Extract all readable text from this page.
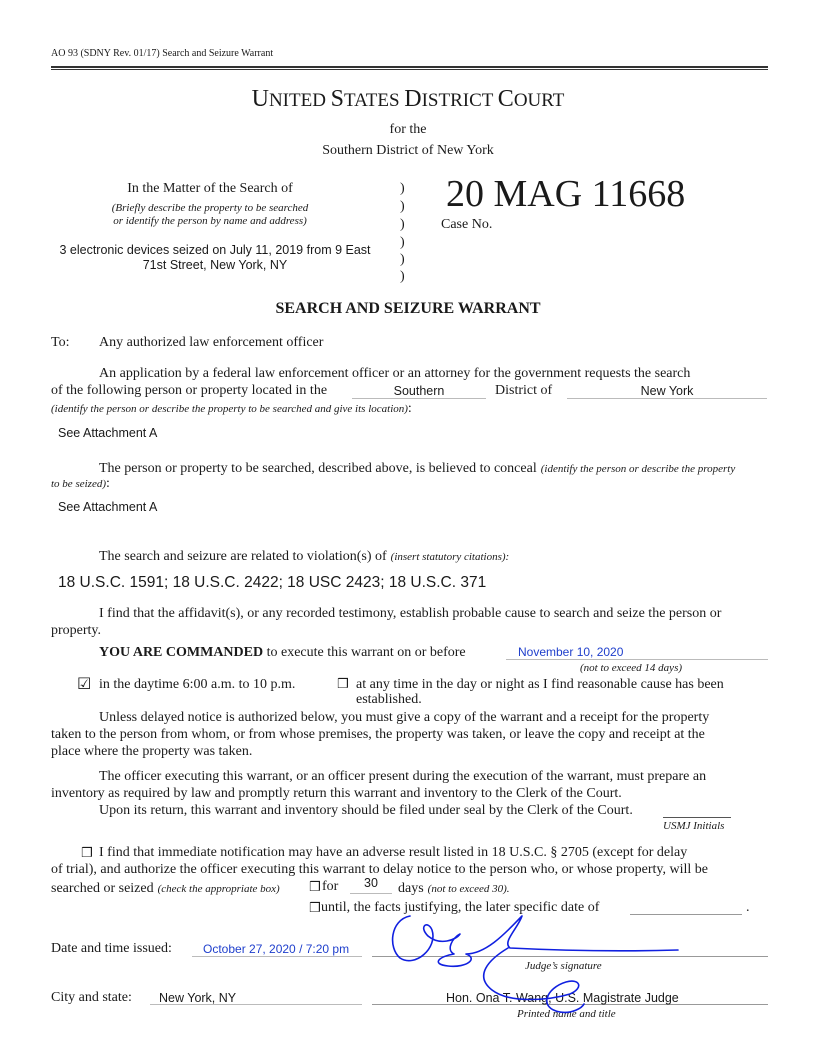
AO 93 (SDNY Rev. 01/17) Search and Seizure Warrant
UNITED STATES DISTRICT COURT
for the
Southern District of New York
In the Matter of the Search of
(Briefly describe the property to be searched
or identify the person by name and address)
3 electronic devices seized on July 11, 2019 from 9 East
71st Street, New York, NY
)
)
)
)
)
)
20 MAG 11668
Case No.
SEARCH AND SEIZURE WARRANT
To: Any authorized law enforcement officer
An application by a federal law enforcement officer or an attorney for the government requests the search
of the following person or property located in the	Southern	District of	New York
(identify the person or describe the property to be searched and give its location):
See Attachment A
The person or property to be searched, described above, is believed to conceal (identify the person or describe the property
to be seized):
See Attachment A
The search and seizure are related to violation(s) of (insert statutory citations):
18 U.S.C. 1591; 18 U.S.C. 2422; 18 USC 2423; 18 U.S.C. 371
I find that the affidavit(s), or any recorded testimony, establish probable cause to search and seize the person or
property.
YOU ARE COMMANDED to execute this warrant on or before	November 10, 2020
(not to exceed 14 days)
☑ in the daytime 6:00 a.m. to 10 p.m.	❒ at any time in the day or night as I find reasonable cause has been
established.
Unless delayed notice is authorized below, you must give a copy of the warrant and a receipt for the property
taken to the person from whom, or from whose premises, the property was taken, or leave the copy and receipt at the
place where the property was taken.
The officer executing this warrant, or an officer present during the execution of the warrant, must prepare an
inventory as required by law and promptly return this warrant and inventory to the Clerk of the Court.
Upon its return, this warrant and inventory should be filed under seal by the Clerk of the Court.
USMJ Initials
❒ I find that immediate notification may have an adverse result listed in 18 U.S.C. § 2705 (except for delay
of trial), and authorize the officer executing this warrant to delay notice to the person who, or whose property, will be
searched or seized (check the appropriate box) ❒ for	30	days (not to exceed 30).
❒ until, the facts justifying, the later specific date of	.
Date and time issued:	October 27, 2020 / 7:20 pm
Judge’s signature
City and state: New York, NY	Hon. Ona T. Wang, U.S. Magistrate Judge
Printed name and title
